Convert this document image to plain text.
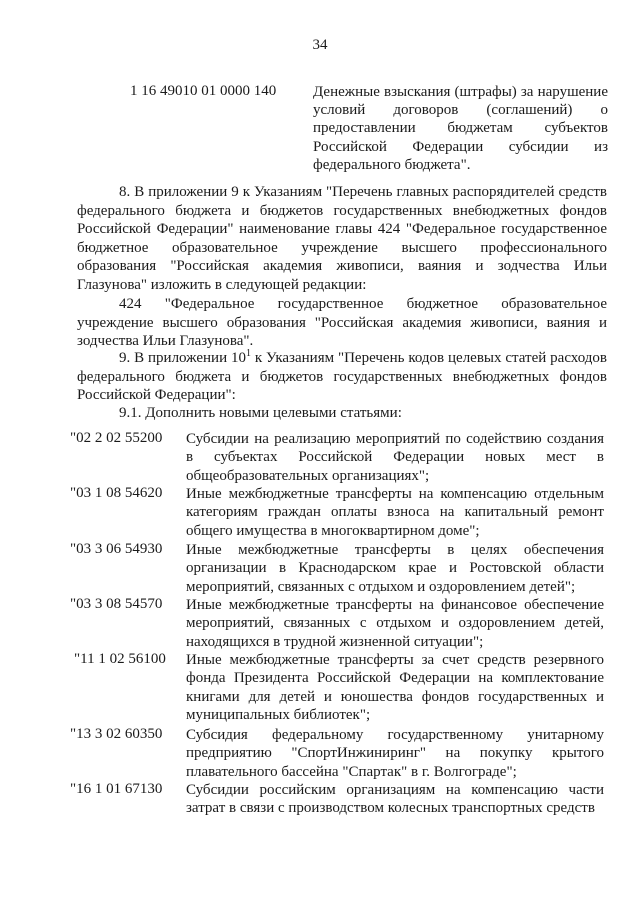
34
1 16 49010 01 0000 140 Денежные взыскания (штрафы) за нарушение условий договоров (соглашений) о предоставлении бюджетам субъектов Российской Федерации субсидии из федерального бюджета".

8. В приложении 9 к Указаниям "Перечень главных распорядителей средств федерального бюджета и бюджетов государственных внебюджетных фондов Российской Федерации" наименование главы 424 "Федеральное государственное бюджетное образовательное учреждение высшего профессионального образования "Российская академия живописи, ваяния и зодчества Ильи Глазунова" изложить в следующей редакции:

424 "Федеральное государственное бюджетное образовательное учреждение высшего образования "Российская академия живописи, ваяния и зодчества Ильи Глазунова".

9. В приложении $10^1$ к Указаниям "Перечень кодов целевых статей расходов федерального бюджета и бюджетов государственных внебюджетных фондов Российской Федерации":

9.1. Дополнить новыми целевыми статьями:

"02 2 02 55200 Субсидии на реализацию мероприятий по содействию создания в субъектах Российской Федерации новых мест в общеобразовательных организациях";
"03 1 08 54620 Иные межбюджетные трансферты на компенсацию отдельным категориям граждан оплаты взноса на капитальный ремонт общего имущества в многоквартирном доме";
"03 3 06 54930 Иные межбюджетные трансферты в целях обеспечения организации в Краснодарском крае и Ростовской области мероприятий, связанных с отдыхом и оздоровлением детей";
"03 3 08 54570 Иные межбюджетные трансферты на финансовое обеспечение мероприятий, связанных с отдыхом и оздоровлением детей, находящихся в трудной жизненной ситуации";
"11 1 02 56100 Иные межбюджетные трансферты за счет средств резервного фонда Президента Российской Федерации на комплектование книгами для детей и юношества фондов государственных и муниципальных библиотек";
"13 3 02 60350 Субсидия федеральному государственному унитарному предприятию "СпортИнжиниринг" на покупку крытого плавательного бассейна "Спартак" в г. Волгограде";
"16 1 01 67130 Субсидии российским организациям на компенсацию части затрат в связи с производством колесных транспортных средств
